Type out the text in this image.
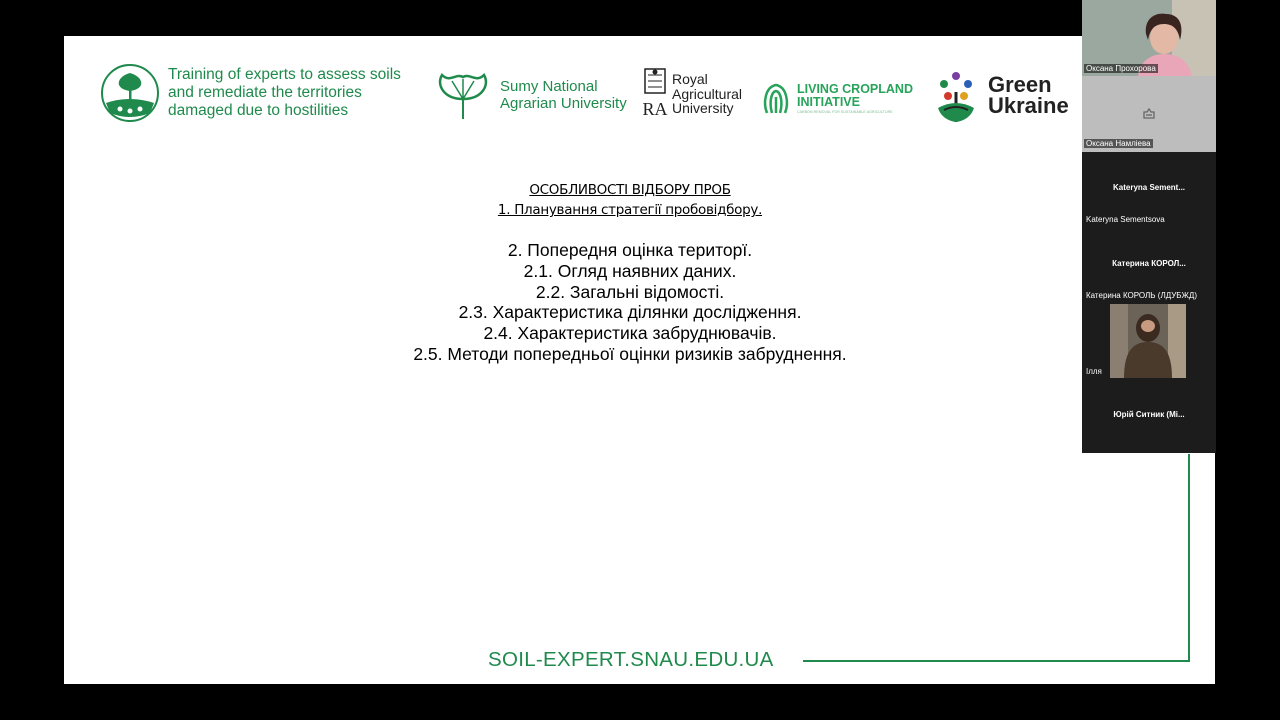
Training of experts to assess soils and remediate the territories damaged due to hostilities
Sumy National Agrarian University RA
Royal Agricultural University
LIVING CROPLAND INITIATIVE
CARBON REMOVAL FOR SUSTAINABLE AGRICULTURE
Green Ukraine
ОСОБЛИВОСТІ ВІДБОРУ ПРОБ
1. Планування стратегії пробовідбору.
2. Попередня оцінка територї.
2.1. Огляд наявних даних.
2.2. Загальні відомості.
2.3. Характеристика ділянки дослідження.
2.4. Характеристика забруднювачів.
2.5. Методи попередньої оцінки ризиків забруднення.
SOIL-EXPERT.SNAU.EDU.UA
Оксана Прохорова
Оксана Намліева
Kateryna Sement...
Kateryna Sementsova
Катерина КОРОЛ...
Катерина КОРОЛЬ (ЛДУБЖД)
Ілля
Юрій Ситник (Мі...
